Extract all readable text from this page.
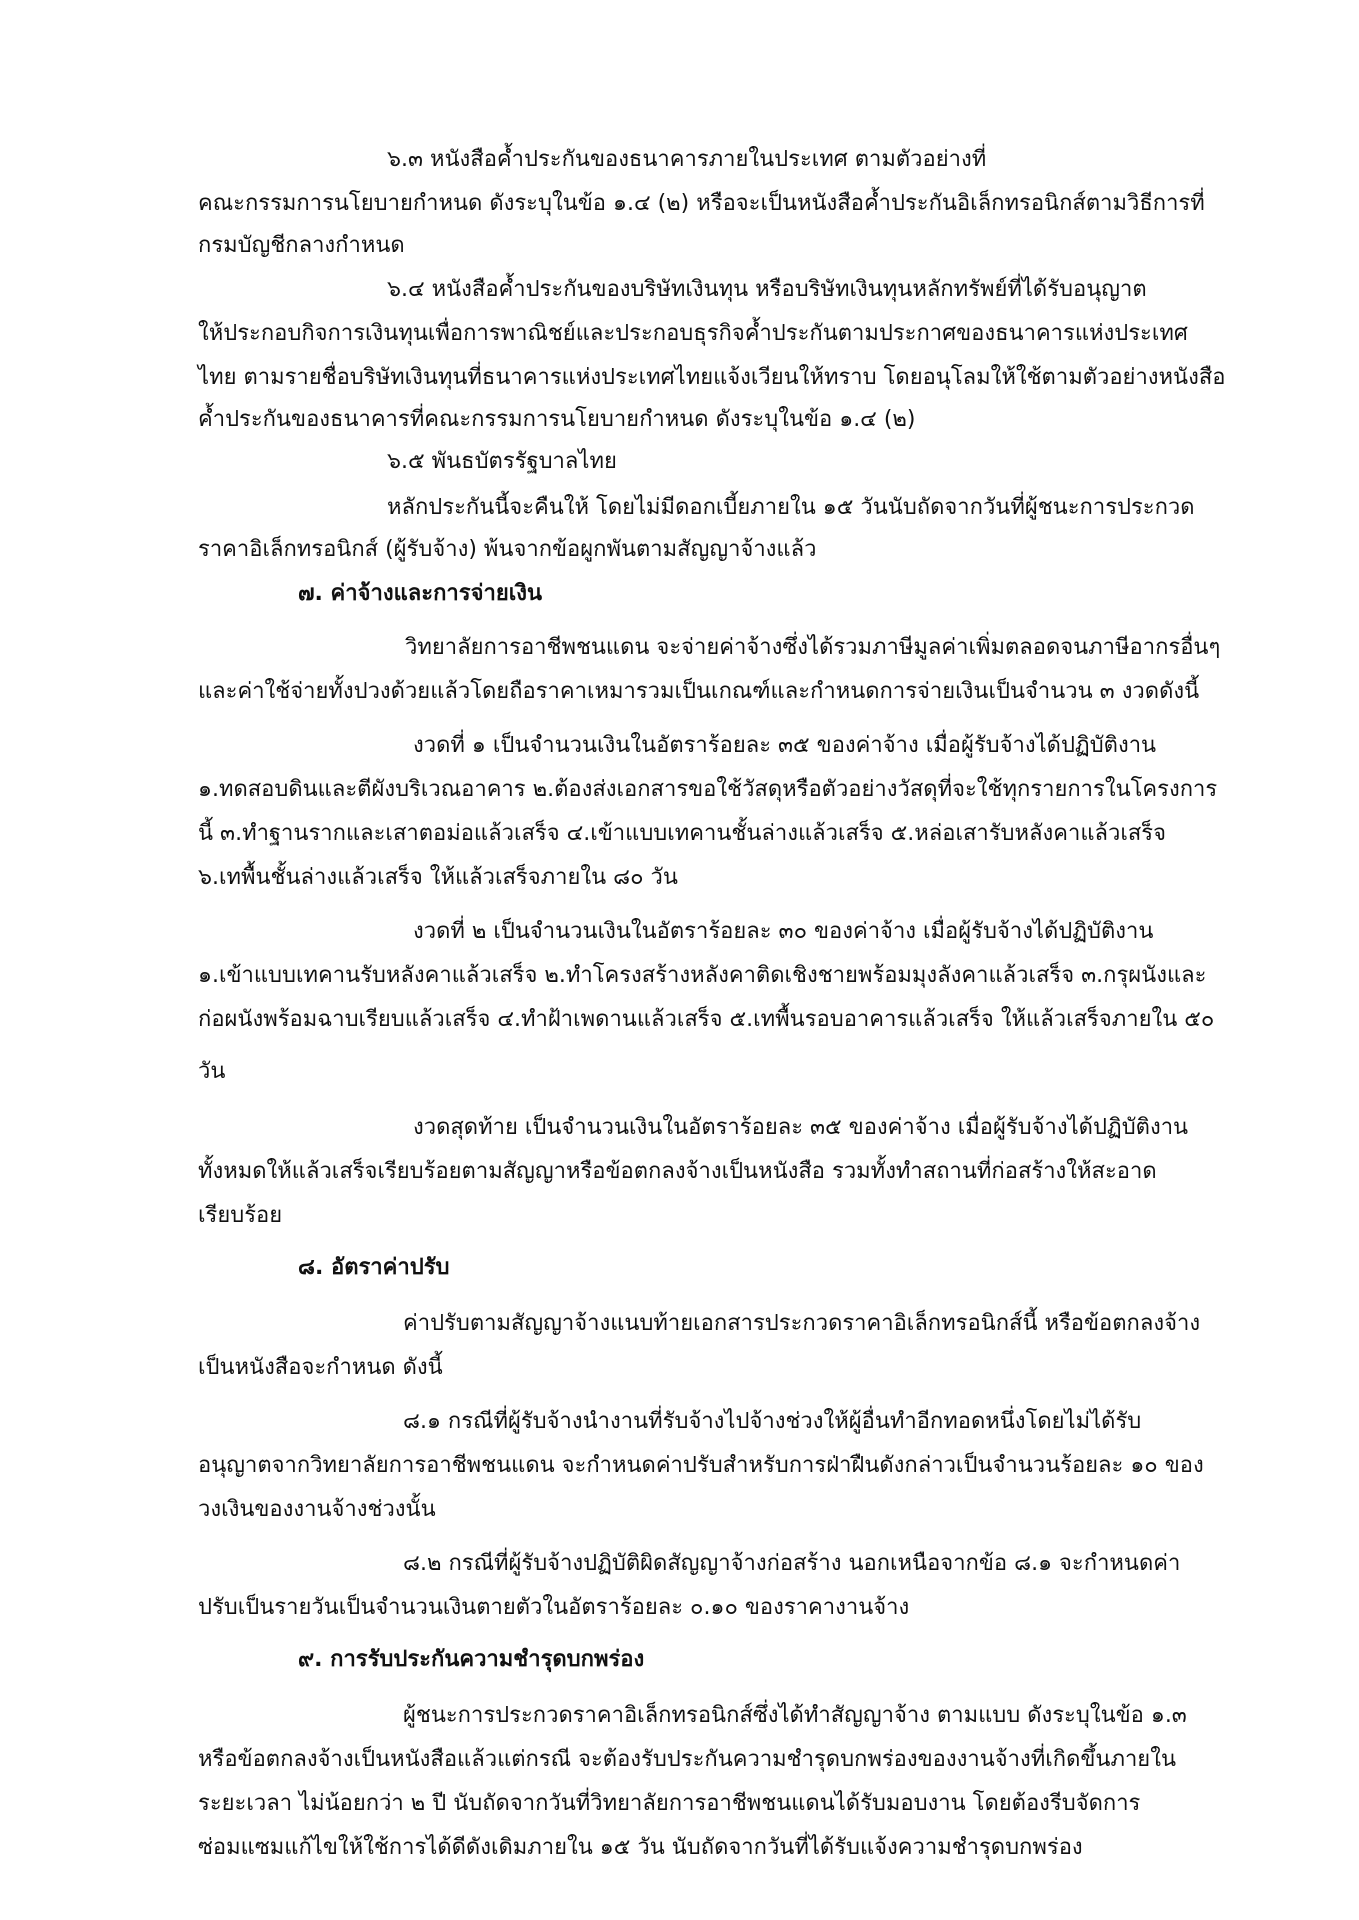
๖.๓ หนังสือค้ำประกันของธนาคารภายในประเทศ ตามตัวอย่างที่
คณะกรรมการนโยบายกำหนด ดังระบุในข้อ ๑.๔ (๒) หรือจะเป็นหนังสือค้ำประกันอิเล็กทรอนิกส์ตามวิธีการที่
กรมบัญชีกลางกำหนด
๖.๔ หนังสือค้ำประกันของบริษัทเงินทุน หรือบริษัทเงินทุนหลักทรัพย์ที่ได้รับอนุญาต
ให้ประกอบกิจการเงินทุนเพื่อการพาณิชย์และประกอบธุรกิจค้ำประกันตามประกาศของธนาคารแห่งประเทศ
ไทย ตามรายชื่อบริษัทเงินทุนที่ธนาคารแห่งประเทศไทยแจ้งเวียนให้ทราบ โดยอนุโลมให้ใช้ตามตัวอย่างหนังสือ
ค้ำประกันของธนาคารที่คณะกรรมการนโยบายกำหนด ดังระบุในข้อ ๑.๔ (๒)
๖.๕ พันธบัตรรัฐบาลไทย
หลักประกันนี้จะคืนให้ โดยไม่มีดอกเบี้ยภายใน ๑๕ วันนับถัดจากวันที่ผู้ชนะการประกวด
ราคาอิเล็กทรอนิกส์ (ผู้รับจ้าง) พ้นจากข้อผูกพันตามสัญญาจ้างแล้ว
๗. ค่าจ้างและการจ่ายเงิน
วิทยาลัยการอาชีพชนแดน จะจ่ายค่าจ้างซึ่งได้รวมภาษีมูลค่าเพิ่มตลอดจนภาษีอากรอื่นๆ
และค่าใช้จ่ายทั้งปวงด้วยแล้วโดยถือราคาเหมารวมเป็นเกณฑ์และกำหนดการจ่ายเงินเป็นจำนวน ๓ งวดดังนี้
งวดที่ ๑ เป็นจำนวนเงินในอัตราร้อยละ ๓๕ ของค่าจ้าง เมื่อผู้รับจ้างได้ปฏิบัติงาน
๑.ทดสอบดินและตีผังบริเวณอาคาร ๒.ต้องส่งเอกสารขอใช้วัสดุหรือตัวอย่างวัสดุที่จะใช้ทุกรายการในโครงการ
นี้ ๓.ทำฐานรากและเสาตอม่อแล้วเสร็จ ๔.เข้าแบบเทคานชั้นล่างแล้วเสร็จ ๕.หล่อเสารับหลังคาแล้วเสร็จ
๖.เทพื้นชั้นล่างแล้วเสร็จ ให้แล้วเสร็จภายใน ๘๐ วัน
งวดที่ ๒ เป็นจำนวนเงินในอัตราร้อยละ ๓๐ ของค่าจ้าง เมื่อผู้รับจ้างได้ปฏิบัติงาน
๑.เข้าแบบเทคานรับหลังคาแล้วเสร็จ ๒.ทำโครงสร้างหลังคาติดเชิงชายพร้อมมุงลังคาแล้วเสร็จ ๓.กรุผนังและ
ก่อผนังพร้อมฉาบเรียบแล้วเสร็จ ๔.ทำฝ้าเพดานแล้วเสร็จ ๕.เทพื้นรอบอาคารแล้วเสร็จ ให้แล้วเสร็จภายใน ๕๐
วัน
งวดสุดท้าย เป็นจำนวนเงินในอัตราร้อยละ ๓๕ ของค่าจ้าง เมื่อผู้รับจ้างได้ปฏิบัติงาน
ทั้งหมดให้แล้วเสร็จเรียบร้อยตามสัญญาหรือข้อตกลงจ้างเป็นหนังสือ รวมทั้งทำสถานที่ก่อสร้างให้สะอาด
เรียบร้อย
๘. อัตราค่าปรับ
ค่าปรับตามสัญญาจ้างแนบท้ายเอกสารประกวดราคาอิเล็กทรอนิกส์นี้ หรือข้อตกลงจ้าง
เป็นหนังสือจะกำหนด ดังนี้
๘.๑ กรณีที่ผู้รับจ้างนำงานที่รับจ้างไปจ้างช่วงให้ผู้อื่นทำอีกทอดหนึ่งโดยไม่ได้รับ
อนุญาตจากวิทยาลัยการอาชีพชนแดน จะกำหนดค่าปรับสำหรับการฝ่าฝืนดังกล่าวเป็นจำนวนร้อยละ ๑๐ ของ
วงเงินของงานจ้างช่วงนั้น
๘.๒ กรณีที่ผู้รับจ้างปฏิบัติผิดสัญญาจ้างก่อสร้าง นอกเหนือจากข้อ ๘.๑ จะกำหนดค่า
ปรับเป็นรายวันเป็นจำนวนเงินตายตัวในอัตราร้อยละ ๐.๑๐ ของราคางานจ้าง
๙. การรับประกันความชำรุดบกพร่อง
ผู้ชนะการประกวดราคาอิเล็กทรอนิกส์ซึ่งได้ทำสัญญาจ้าง ตามแบบ ดังระบุในข้อ ๑.๓
หรือข้อตกลงจ้างเป็นหนังสือแล้วแต่กรณี จะต้องรับประกันความชำรุดบกพร่องของงานจ้างที่เกิดขึ้นภายใน
ระยะเวลา ไม่น้อยกว่า ๒ ปี นับถัดจากวันที่วิทยาลัยการอาชีพชนแดนได้รับมอบงาน โดยต้องรีบจัดการ
ซ่อมแซมแก้ไขให้ใช้การได้ดีดังเดิมภายใน ๑๕ วัน นับถัดจากวันที่ได้รับแจ้งความชำรุดบกพร่อง
